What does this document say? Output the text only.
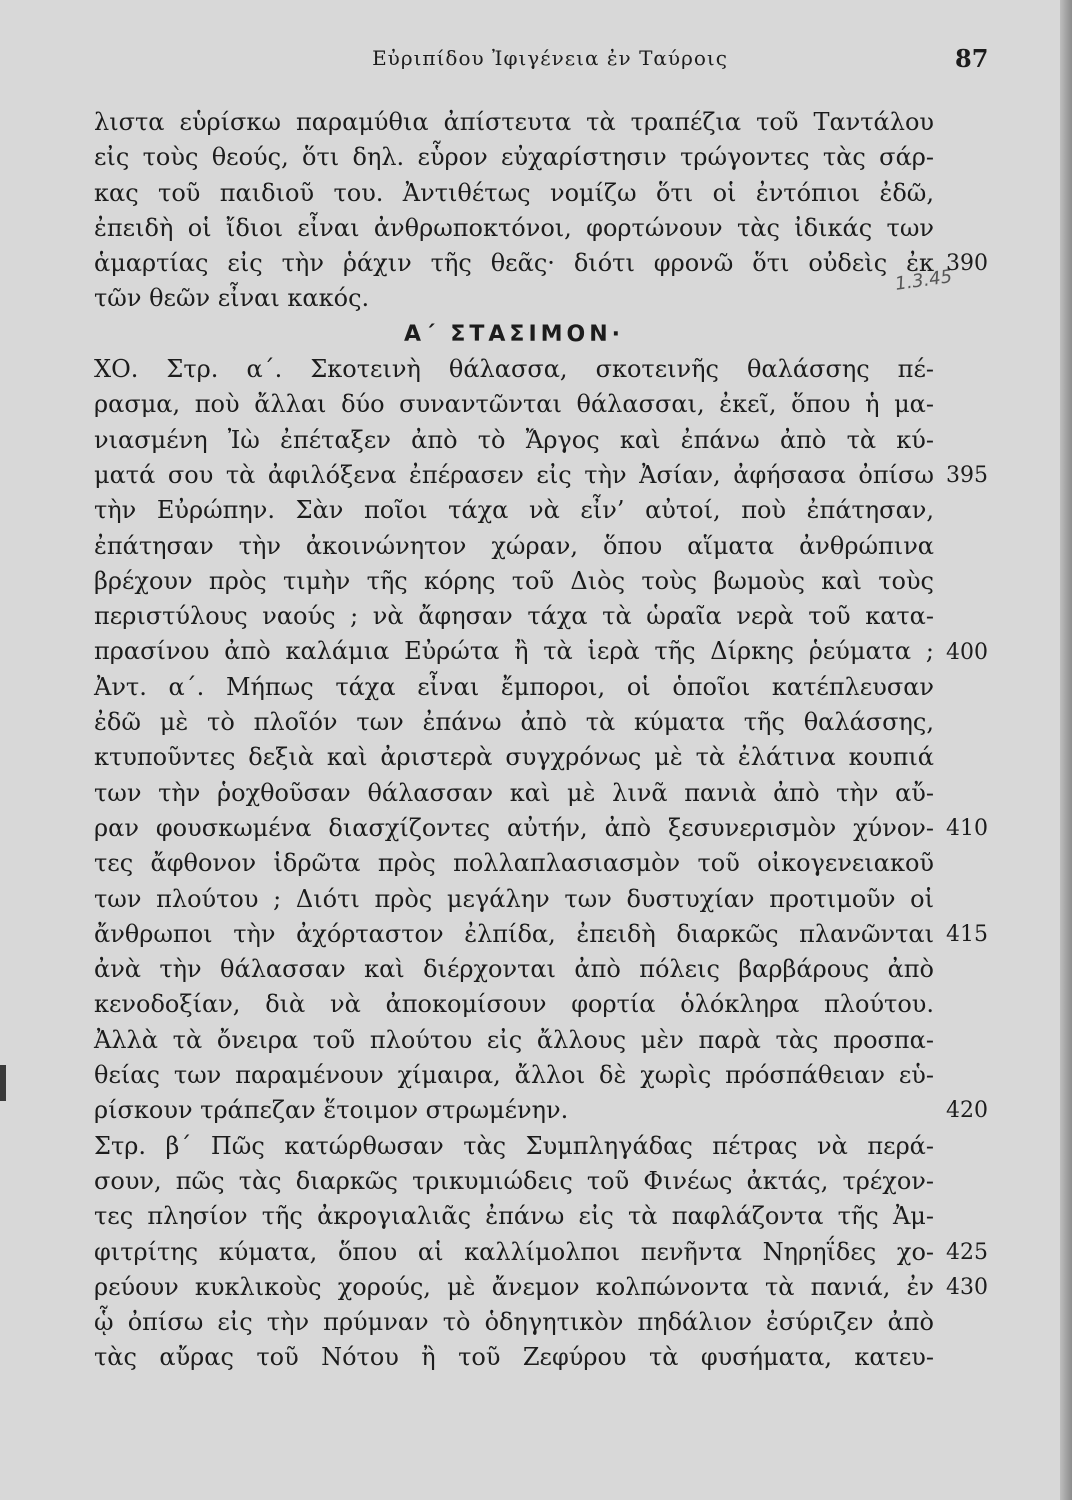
Εὐριπίδου Ἰφιγένεια ἐν Ταύροις	87
1.3.45
λιστα εὑρίσκω παραμύθια ἀπίστευτα τὰ τραπέζια τοῦ Ταντάλου
εἰς τοὺς θεούς, ὅτι δηλ. εὗρον εὐχαρίστησιν τρώγοντες τὰς σάρ-
κας τοῦ παιδιοῦ του. Ἀντιθέτως νομίζω ὅτι οἱ ἐντόπιοι ἐδῶ,
ἐπειδὴ οἱ ἴδιοι εἶναι ἀνθρωποκτόνοι, φορτώνουν τὰς ἰδικάς των
ἁμαρτίας εἰς τὴν ῥάχιν τῆς θεᾶς· διότι φρονῶ ὅτι οὐδεὶς ἐκ
τῶν θεῶν εἶναι κακός.
Α΄ ΣΤΑΣΙΜΟΝ·
ΧΟ. Στρ. α΄. Σκοτεινὴ θάλασσα, σκοτεινῆς θαλάσσης πέ-
ρασμα, ποὺ ἄλλαι δύο συναντῶνται θάλασσαι, ἐκεῖ, ὅπου ἡ μα-
νιασμένη Ἰὼ ἐπέταξεν ἀπὸ τὸ Ἄργος καὶ ἐπάνω ἀπὸ τὰ κύ-
ματά σου τὰ ἀφιλόξενα ἐπέρασεν εἰς τὴν Ἀσίαν, ἀφήσασα ὀπίσω
τὴν Εὐρώπην. Σὰν ποῖοι τάχα νὰ εἶν’ αὐτοί, ποὺ ἐπάτησαν,
ἐπάτησαν τὴν ἀκοινώνητον χώραν, ὅπου αἵματα ἀνθρώπινα
βρέχουν πρὸς τιμὴν τῆς κόρης τοῦ Διὸς τοὺς βωμοὺς καὶ τοὺς
περιστύλους ναούς ; νὰ ἄφησαν τάχα τὰ ὡραῖα νερὰ τοῦ κατα-
πρασίνου ἀπὸ καλάμια Εὐρώτα ἢ τὰ ἱερὰ τῆς Δίρκης ῥεύματα ;
Ἀντ. α΄. Μήπως τάχα εἶναι ἔμποροι, οἱ ὁποῖοι κατέπλευσαν
ἐδῶ μὲ τὸ πλοῖόν των ἐπάνω ἀπὸ τὰ κύματα τῆς θαλάσσης,
κτυποῦντες δεξιὰ καὶ ἀριστερὰ συγχρόνως μὲ τὰ ἐλάτινα κουπιά
των τὴν ῥοχθοῦσαν θάλασσαν καὶ μὲ λινᾶ πανιὰ ἀπὸ τὴν αὔ-
ραν φουσκωμένα διασχίζοντες αὐτήν, ἀπὸ ξεσυνερισμὸν χύνον-
τες ἄφθονον ἱδρῶτα πρὸς πολλαπλασιασμὸν τοῦ οἰκογενειακοῦ
των πλούτου ; Διότι πρὸς μεγάλην των δυστυχίαν προτιμοῦν οἱ
ἄνθρωποι τὴν ἀχόρταστον ἐλπίδα, ἐπειδὴ διαρκῶς πλανῶνται
ἀνὰ τὴν θάλασσαν καὶ διέρχονται ἀπὸ πόλεις βαρβάρους ἀπὸ
κενοδοξίαν, διὰ νὰ ἀποκομίσουν φορτία ὁλόκληρα πλούτου.
Ἀλλὰ τὰ ὄνειρα τοῦ πλούτου εἰς ἄλλους μὲν παρὰ τὰς προσπα-
θείας των παραμένουν χίμαιρα, ἄλλοι δὲ χωρὶς πρόσπάθειαν εὑ-
ρίσκουν τράπεζαν ἕτοιμον στρωμένην.
Στρ. β΄ Πῶς κατώρθωσαν τὰς Συμπληγάδας πέτρας νὰ περά-
σουν, πῶς τὰς διαρκῶς τρικυμιώδεις τοῦ Φινέως ἀκτάς, τρέχον-
τες πλησίον τῆς ἀκρογιαλιᾶς ἐπάνω εἰς τὰ παφλάζοντα τῆς Ἀμ-
φιτρίτης κύματα, ὅπου αἱ καλλίμολποι πενῆντα Νηρηΐδες χο-
ρεύουν κυκλικοὺς χορούς, μὲ ἄνεμον κολπώνοντα τὰ πανιά, ἐν
ᾧ ὀπίσω εἰς τὴν πρύμναν τὸ ὁδηγητικὸν πηδάλιον ἐσύριζεν ἀπὸ
τὰς αὔρας τοῦ Νότου ἢ τοῦ Ζεφύρου τὰ φυσήματα, κατευ-
390
395
400
410
415
420
425
430
